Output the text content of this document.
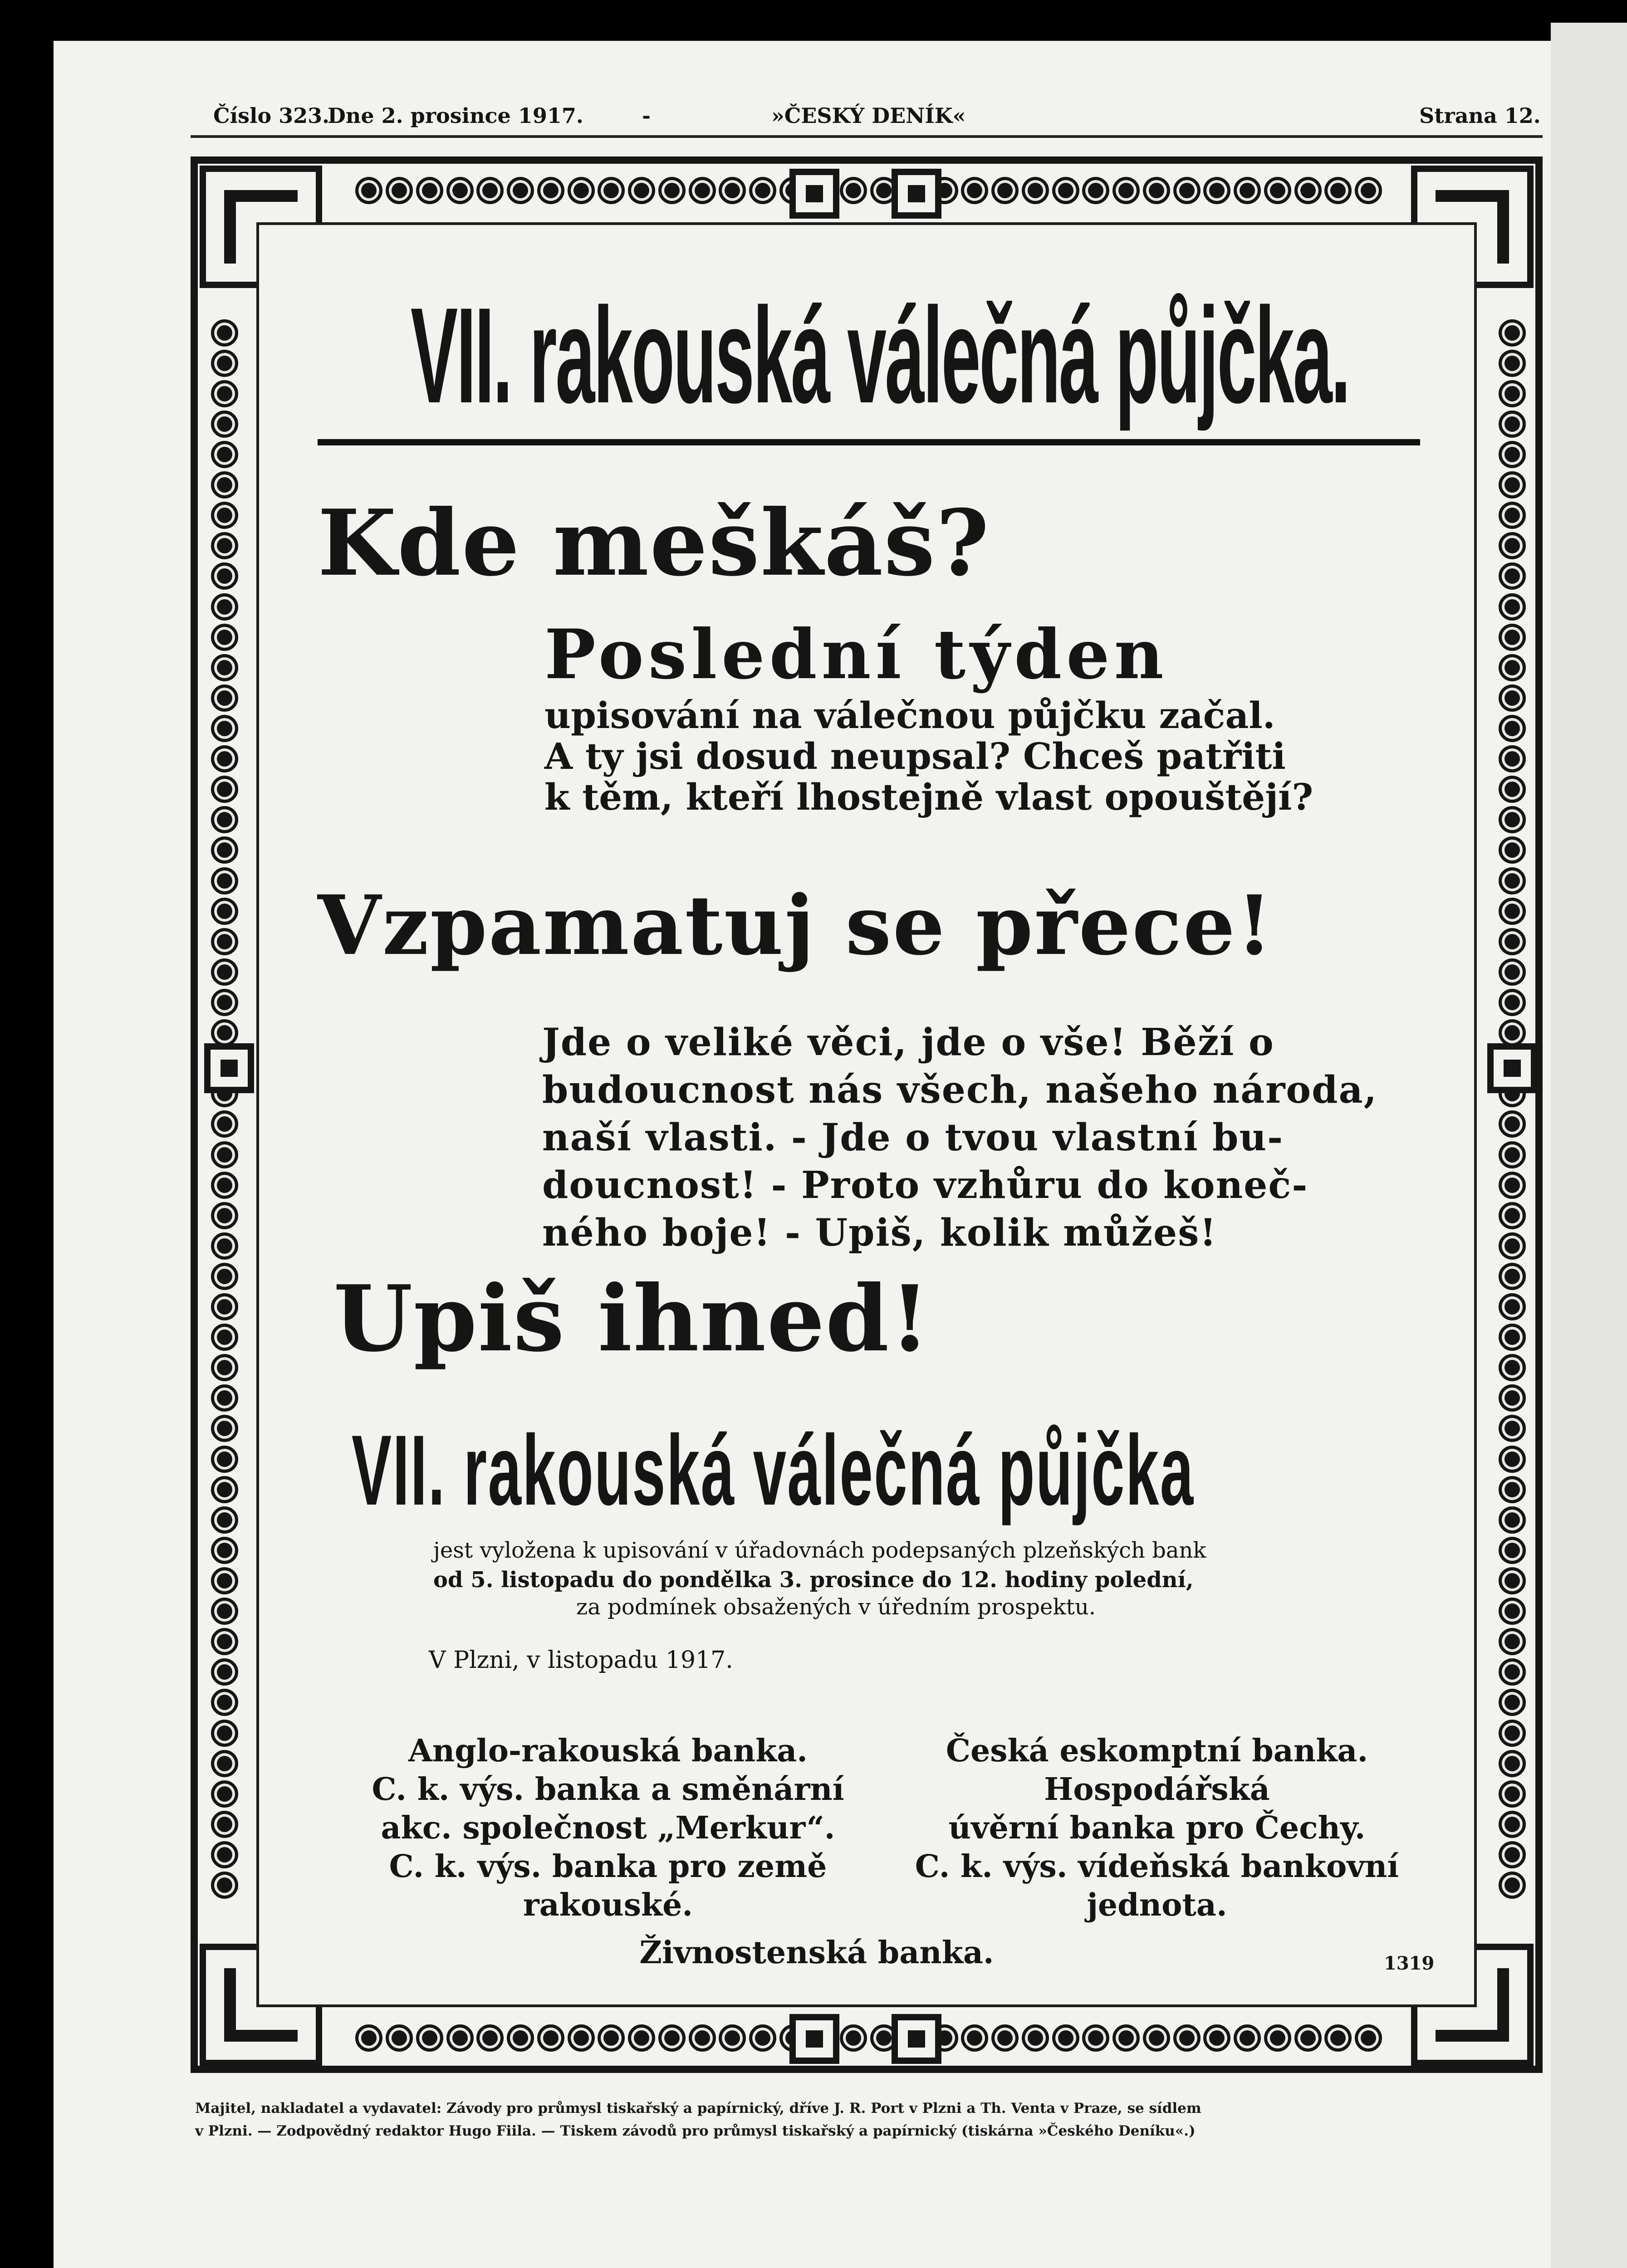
Číslo 323.
Dne 2. prosince 1917.	-	»ČESKÝ DENÍK«	Strana 12.
VII. rakouská válečná půjčka.
Kde meškáš?
Poslední týden
upisování na válečnou půjčku začal.
A ty jsi dosud neupsal? Chceš patřiti
k těm, kteří lhostejně vlast opouštějí?
Vzpamatuj se přece!
Jde o veliké věci, jde o vše! Běží o
budoucnost nás všech, našeho národa,
naší vlasti. - Jde o tvou vlastní bu-
doucnost! - Proto vzhůru do koneč-
ného boje! - Upiš, kolik můžeš!
Upiš ihned!
VII. rakouská válečná půjčka
jest vyložena k upisování v úřadovnách podepsaných plzeňských bank
od 5. listopadu do pondělka 3. prosince do 12. hodiny polední,
za podmínek obsažených v úředním prospektu.
V Plzni, v listopadu 1917.
Anglo-rakouská banka.
C. k. výs. banka a směnární
akc. společnost „Merkur“.
C. k. výs. banka pro země
rakouské.
Česká eskomptní banka.
Hospodářská
úvěrní banka pro Čechy.
C. k. výs. vídeňská bankovní
jednota.
Živnostenská banka.	1319
Majitel, nakladatel a vydavatel: Závody pro průmysl tiskařský a papírnický, dříve J. R. Port v Plzni a Th. Venta v Praze, se sídlem
v Plzni. — Zodpovědný redaktor Hugo Fiila. — Tiskem závodů pro průmysl tiskařský a papírnický (tiskárna »Českého Deníku«.)
